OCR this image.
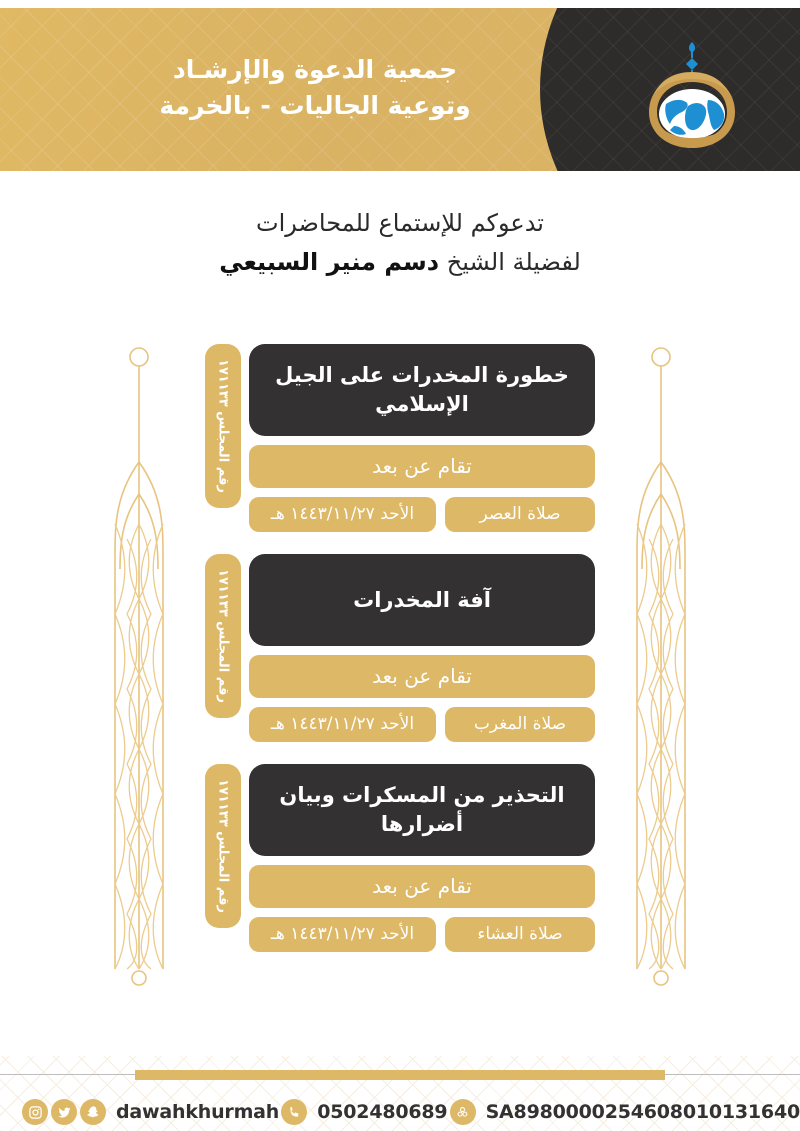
جمعية الدعوة والإرشـاد
وتوعية الجاليات - بالخرمة
تدعوكم للإستماع للمحاضرات
لفضيلة الشيخ دسم منير السبيعي
رقم المجلس ١٧١١٣٣
خطورة المخدرات على الجيل الإسلامي
تقام عن بعد
صلاة العصر
الأحد ١٤٤٣/١١/٢٧ هـ
رقم المجلس ١٧١١٣٣
آفة المخدرات
تقام عن بعد
صلاة المغرب
الأحد ١٤٤٣/١١/٢٧ هـ
رقم المجلس ١٧١١٣٣
التحذير من المسكرات وبيان أضرارها
تقام عن بعد
صلاة العشاء
الأحد ١٤٤٣/١١/٢٧ هـ
dawahkhurmah 0502480689 SA8980000254608010131640
